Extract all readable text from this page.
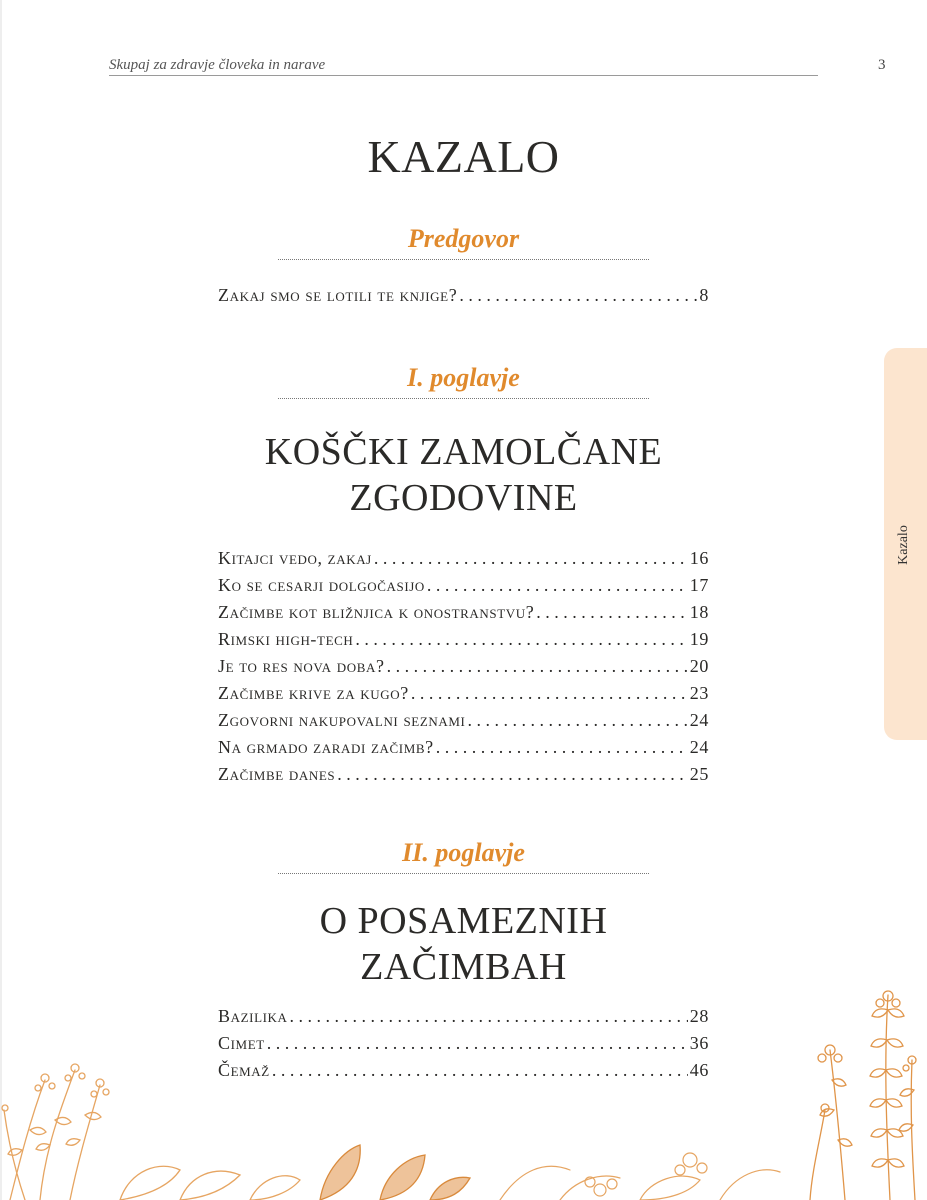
Skupaj za zdravje človeka in narave	3
Kazalo
KAZALO
Predgovor
Zakaj smo se lotili te knjige? . . .	8
I. poglavje
KOŠČKI ZAMOLČANE
ZGODOVINE
Kitajci vedo, zakaj . . .	16
Ko se cesarji dolgočasijo . . .	17
Začimbe kot bližnjica k onostranstvu? . . .	18
Rimski high-tech . . .	19
Je to res nova doba? . . .	20
Začimbe krive za kugo? . . .	23
Zgovorni nakupovalni seznami . . .	24
Na grmado zaradi začimb? . . .	24
Začimbe danes . . .	25
II. poglavje
O POSAMEZNIH
ZAČIMBAH
Bazilika . . .	28
Cimet . . .	36
Čemaž . . .	46
